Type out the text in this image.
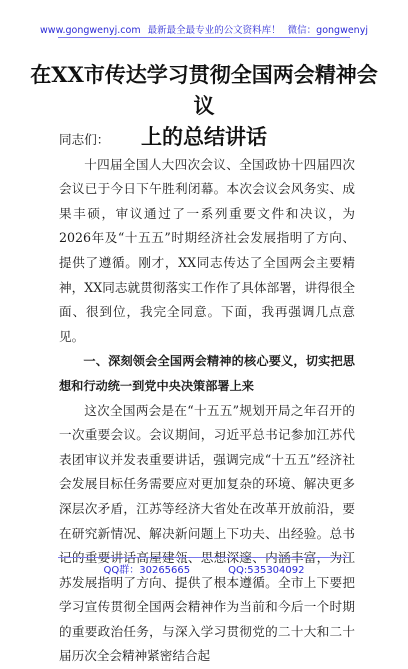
www.gongwenyj.com 最新最全最专业的公文资料库！ 微信：gongwenyj
在XX市传达学习贯彻全国两会精神会议
上的总结讲话

同志们：

十四届全国人大四次会议、全国政协十四届四次会议已于今日下午胜利闭幕。本次会议会风务实、成果丰硕，审议通过了一系列重要文件和决议，为2026年及“十五五”时期经济社会发展指明了方向、提供了遵循。刚才，XX同志传达了全国两会主要精神，XX同志就贯彻落实工作作了具体部署，讲得很全面、很到位，我完全同意。下面，我再强调几点意见。

一、深刻领会全国两会精神的核心要义，切实把思想和行动统一到党中央决策部署上来

这次全国两会是在“十五五”规划开局之年召开的一次重要会议。会议期间，习近平总书记参加江苏代表团审议并发表重要讲话，强调完成“十五五”经济社会发展目标任务需要应对更加复杂的环境、解决更多深层次矛盾，江苏等经济大省处在改革开放前沿，要在研究新情况、解决新问题上下功夫、出经验。总书记的重要讲话高屋建瓴、思想深邃、内涵丰富，为江苏发展指明了方向、提供了根本遵循。全市上下要把学习宣传贯彻全国两会精神作为当前和今后一个时期的重要政治任务，与深入学习贯彻党的二十大和二十届历次全会精神紧密结合起

QQ群：30265665	QQ:535304092
